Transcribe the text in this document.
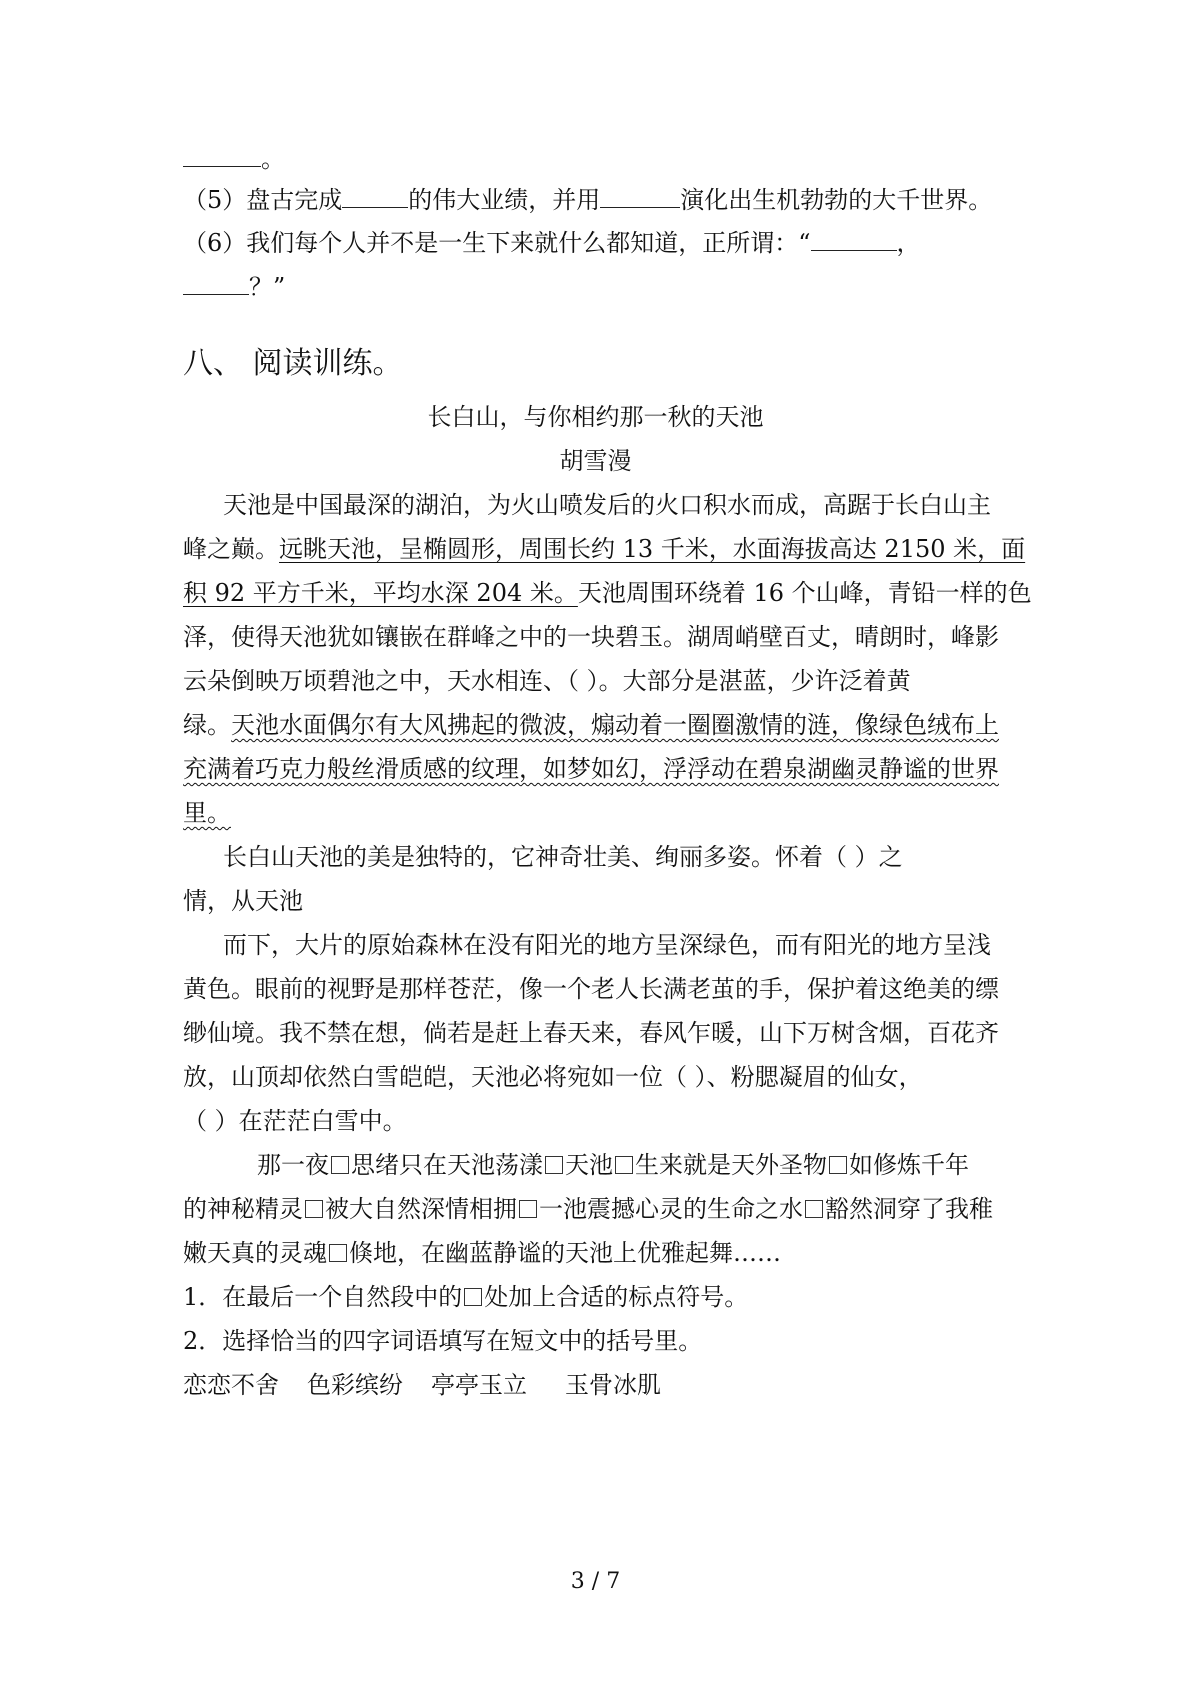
。
（5）盘古完成	的伟大业绩，并用	演化出生机勃勃的大千世界。
（6）我们每个人并不是一生下来就什么都知道，正所谓：“	，
？”
八、 阅读训练。
长白山，与你相约那一秋的天池
胡雪漫
天池是中国最深的湖泊，为火山喷发后的火口积水而成，高踞于长白山主
峰之巅。远眺天池，呈椭圆形，周围长约 13 千米，水面海拔高达 2150 米，面
积 92 平方千米，平均水深 204 米。天池周围环绕着 16 个山峰，青铅一样的色
泽，使得天池犹如镶嵌在群峰之中的一块碧玉。湖周峭壁百丈，晴朗时，峰影
云朵倒映万顷碧池之中，天水相连、（ ）。大部分是湛蓝，少许泛着黄
绿。天池水面偶尔有大风拂起的微波，煽动着一圈圈激情的涟，像绿色绒布上
充满着巧克力般丝滑质感的纹理，如梦如幻，浮浮动在碧泉湖幽灵静谧的世界
里。
长白山天池的美是独特的，它神奇壮美、绚丽多姿。怀着（ ）之
情，从天池
而下，大片的原始森林在没有阳光的地方呈深绿色，而有阳光的地方呈浅
黄色。眼前的视野是那样苍茫，像一个老人长满老茧的手，保护着这绝美的缥
缈仙境。我不禁在想，倘若是赶上春天来，春风乍暖，山下万树含烟，百花齐
放，山顶却依然白雪皑皑，天池必将宛如一位（ ）、粉腮凝眉的仙女，
（ ）在茫茫白雪中。
那一夜 思绪只在天池荡漾 天池 生来就是天外圣物 如修炼千年
的神秘精灵 被大自然深情相拥 一池震撼心灵的生命之水 豁然洞穿了我稚
嫩天真的灵魂 倏地，在幽蓝静谧的天池上优雅起舞……
1．在最后一个自然段中的 处加上合适的标点符号。
2．选择恰当的四字词语填写在短文中的括号里。
恋恋不舍 色彩缤纷 亭亭玉立 玉骨冰肌
3 / 7
